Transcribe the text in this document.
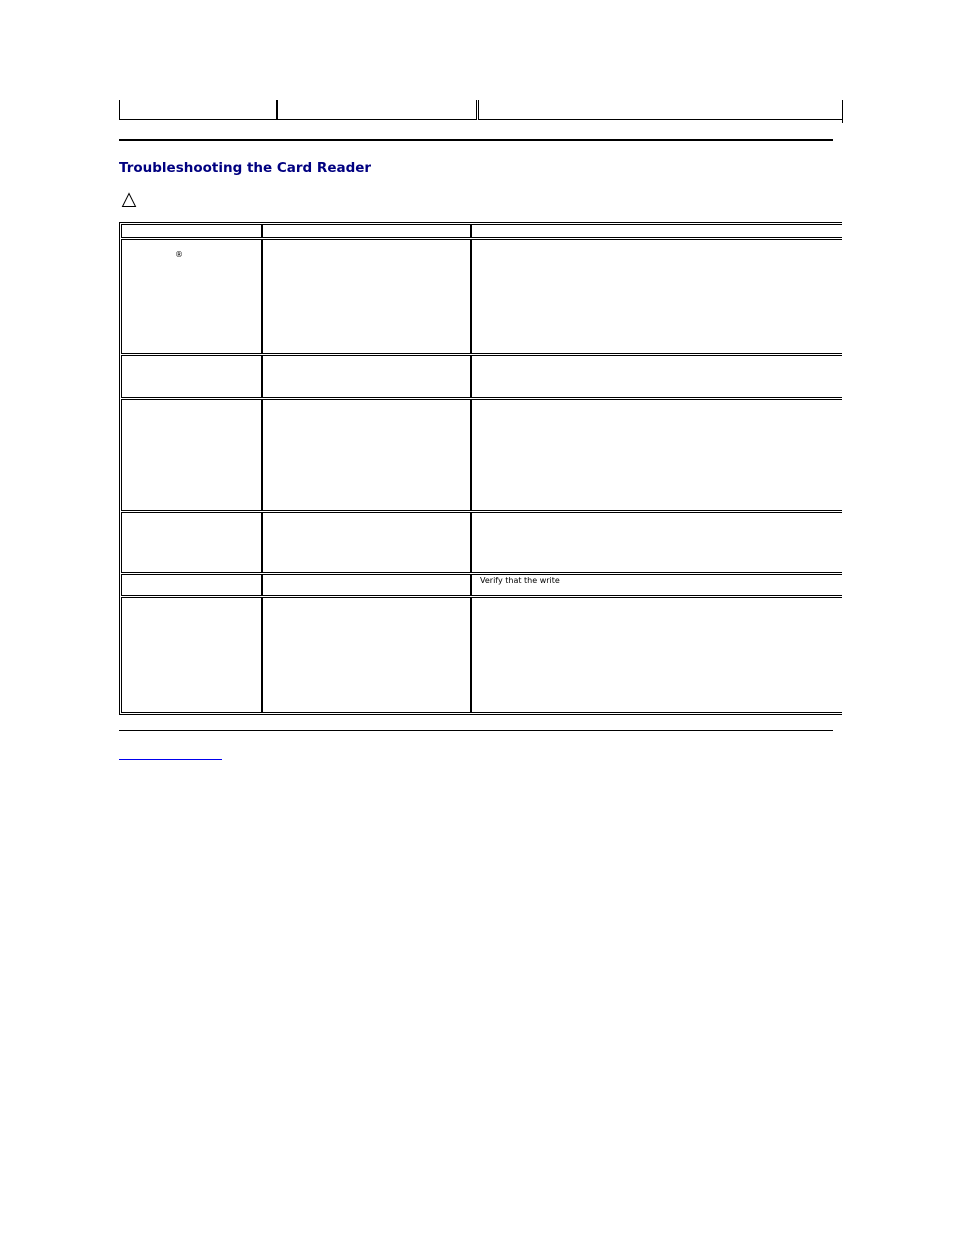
Troubleshooting the Card Reader
®
Verify that the write
